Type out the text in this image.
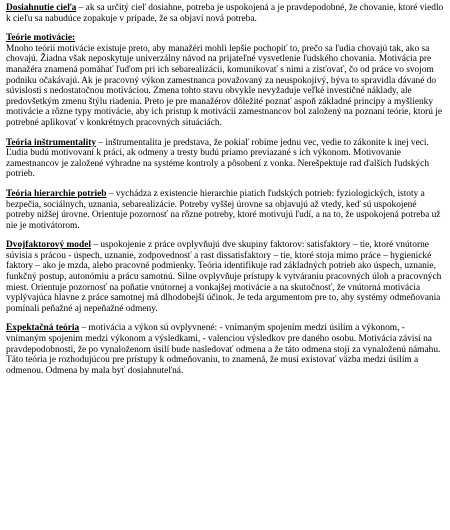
Dosiahnutie cieľa – ak sa určitý cieľ dosiahne, potreba je uspokojená a je pravdepodobné, že chovanie, ktoré viedlo k cieľu sa nabudúce zopakuje v prípade, že sa objaví nová potreba.

Teórie motivácie:
Mnoho teórií motivácie existuje preto, aby manažéri mohli lepšie pochopiť to, prečo sa ľudia chovajú tak, ako sa chovajú. Žiadna však neposkytuje univerzálny návod na prijateľné vysvetlenie ľudského chovania. Motivácia pre manažéra znamená pomáhať ľuďom pri ich sebarealizácii, komunikovať s nimi a zisťovať, čo od práce vo svojom podniku očakávajú. Ak je pracovný výkon zamestnanca považovaný za neuspokojivý, býva to spravidla dávané do súvislosti s nedostatočnou motiváciou. Zmena tohto stavu obvykle nevyžaduje veľké investičné náklady, ale predovšetkým zmenu štýlu riadenia. Preto je pre manažérov dôležité poznať aspoň základné princípy a myšlienky motivácie a rôzne typy motivácie, aby ich prístup k motivácii zamestnancov bol založený na poznaní teórie, ktorú je potrebné aplikovať v konkrétnych pracovných situáciách.

Teória inštrumentality – inštrumentalita je predstava, že pokiaľ robíme jednu vec, vedie to zákonite k inej veci. Ľudia budú motivovaní k práci, ak odmeny a tresty budú priamo previazané s ich výkonom. Motivovanie zamestnancov je založené výhradne na systéme kontroly a pôsobení z vonka. Nerešpektuje rad ďalších ľudských potrieb.

Teória hierarchie potrieb – vychádza z existencie hierarchie piatich ľudských potrieb: fyziologických, istoty a bezpečia, sociálnych, uznania, sebarealizácie. Potreby vyššej úrovne sa objavujú až vtedy, keď sú uspokojené potreby nižšej úrovne. Orientuje pozornosť na rôzne potreby, ktoré motivujú ľudí, a na to, že uspokojená potreba už nie je motivátorom.

Dvojfaktorový model – uspokojenie z práce ovplyvňujú dve skupiny faktorov: satisfaktory – tie, ktoré vnútorne súvisia s prácou - úspech, uznanie, zodpovednosť a rast dissatisfaktory – tie, ktoré stoja mimo práce – hygienické faktory – ako je mzda, alebo pracovné podmienky. Teória identifikuje rad základných potrieb ako úspech, uznanie, funkčný postup, autonómiu a prácu samotnú. Silne ovplyvňuje prístupy k vytváraniu pracovných úloh a pracovných miest. Orientuje pozornosť na poňatie vnútornej a vonkajšej motivácie a na skutočnosť, že vnútorná motivácia vyplývajúca hlavne z práce samotnej má dlhodobejší účinok. Je teda argumentom pre to, aby systémy odmeňovania pomínali peňažné aj nepeňažné odmeny.

Expektačná teória – motivácia a výkon sú ovplyvnené: - vnímaným spojením medzi úsilím a výkonom, - vnímaným spojením medzi výkonom a výsledkami, - valenciou výsledkov pre daného osobu. Motivácia závisí na pravdepodobnosti, že po vynaloženom úsilí bude nasledovať odmena a že táto odmena stojí za vynaloženú námahu. Táto teória je rozhodujúcou pre prístupy k odmeňovaniu, to znamená, že musí existovať väzba medzi úsilím a odmenou. Odmena by mala byť dosiahnuteľná.
